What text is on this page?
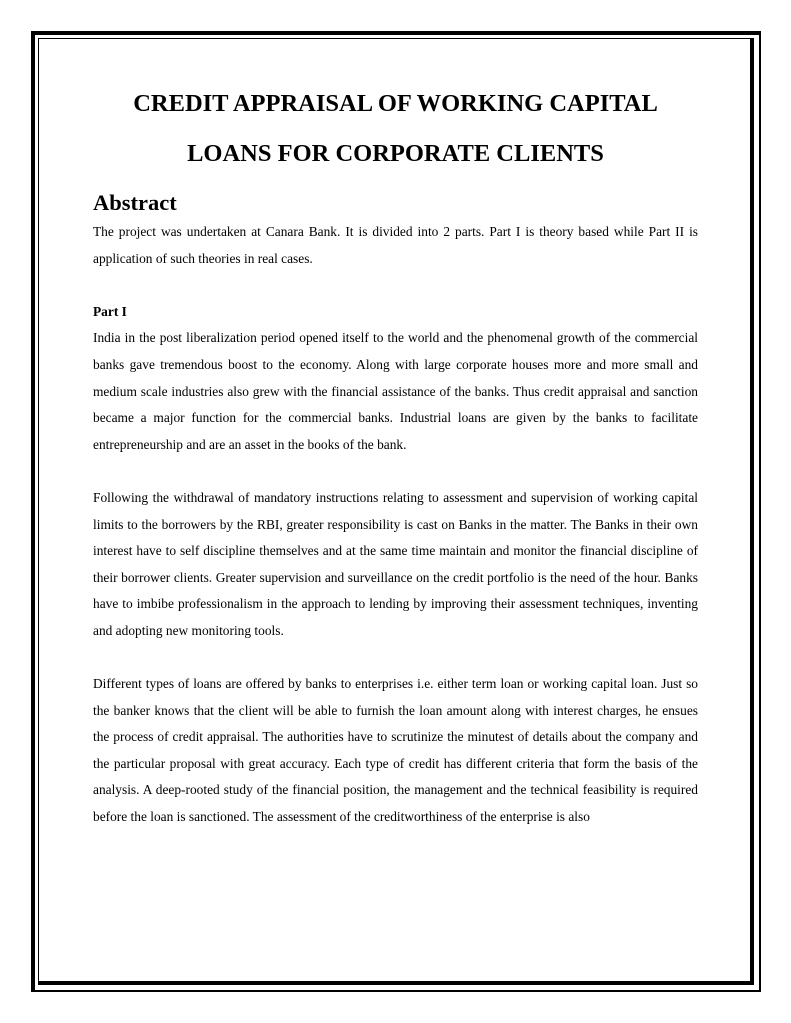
CREDIT APPRAISAL OF WORKING CAPITAL
LOANS FOR CORPORATE CLIENTS
Abstract

The project was undertaken at Canara Bank. It is divided into 2 parts. Part I is theory based while Part II is application of such theories in real cases.

Part I

India in the post liberalization period opened itself to the world and the phenomenal growth of the commercial banks gave tremendous boost to the economy. Along with large corporate houses more and more small and medium scale industries also grew with the financial assistance of the banks. Thus credit appraisal and sanction became a major function for the commercial banks. Industrial loans are given by the banks to facilitate entrepreneurship and are an asset in the books of the bank.

Following the withdrawal of mandatory instructions relating to assessment and supervision of working capital limits to the borrowers by the RBI, greater responsibility is cast on Banks in the matter. The Banks in their own interest have to self discipline themselves and at the same time maintain and monitor the financial discipline of their borrower clients. Greater supervision and surveillance on the credit portfolio is the need of the hour. Banks have to imbibe professionalism in the approach to lending by improving their assessment techniques, inventing and adopting new monitoring tools.

Different types of loans are offered by banks to enterprises i.e. either term loan or working capital loan. Just so the banker knows that the client will be able to furnish the loan amount along with interest charges, he ensues the process of credit appraisal. The authorities have to scrutinize the minutest of details about the company and the particular proposal with great accuracy. Each type of credit has different criteria that form the basis of the analysis. A deep-rooted study of the financial position, the management and the technical feasibility is required before the loan is sanctioned. The assessment of the creditworthiness of the enterprise is also
